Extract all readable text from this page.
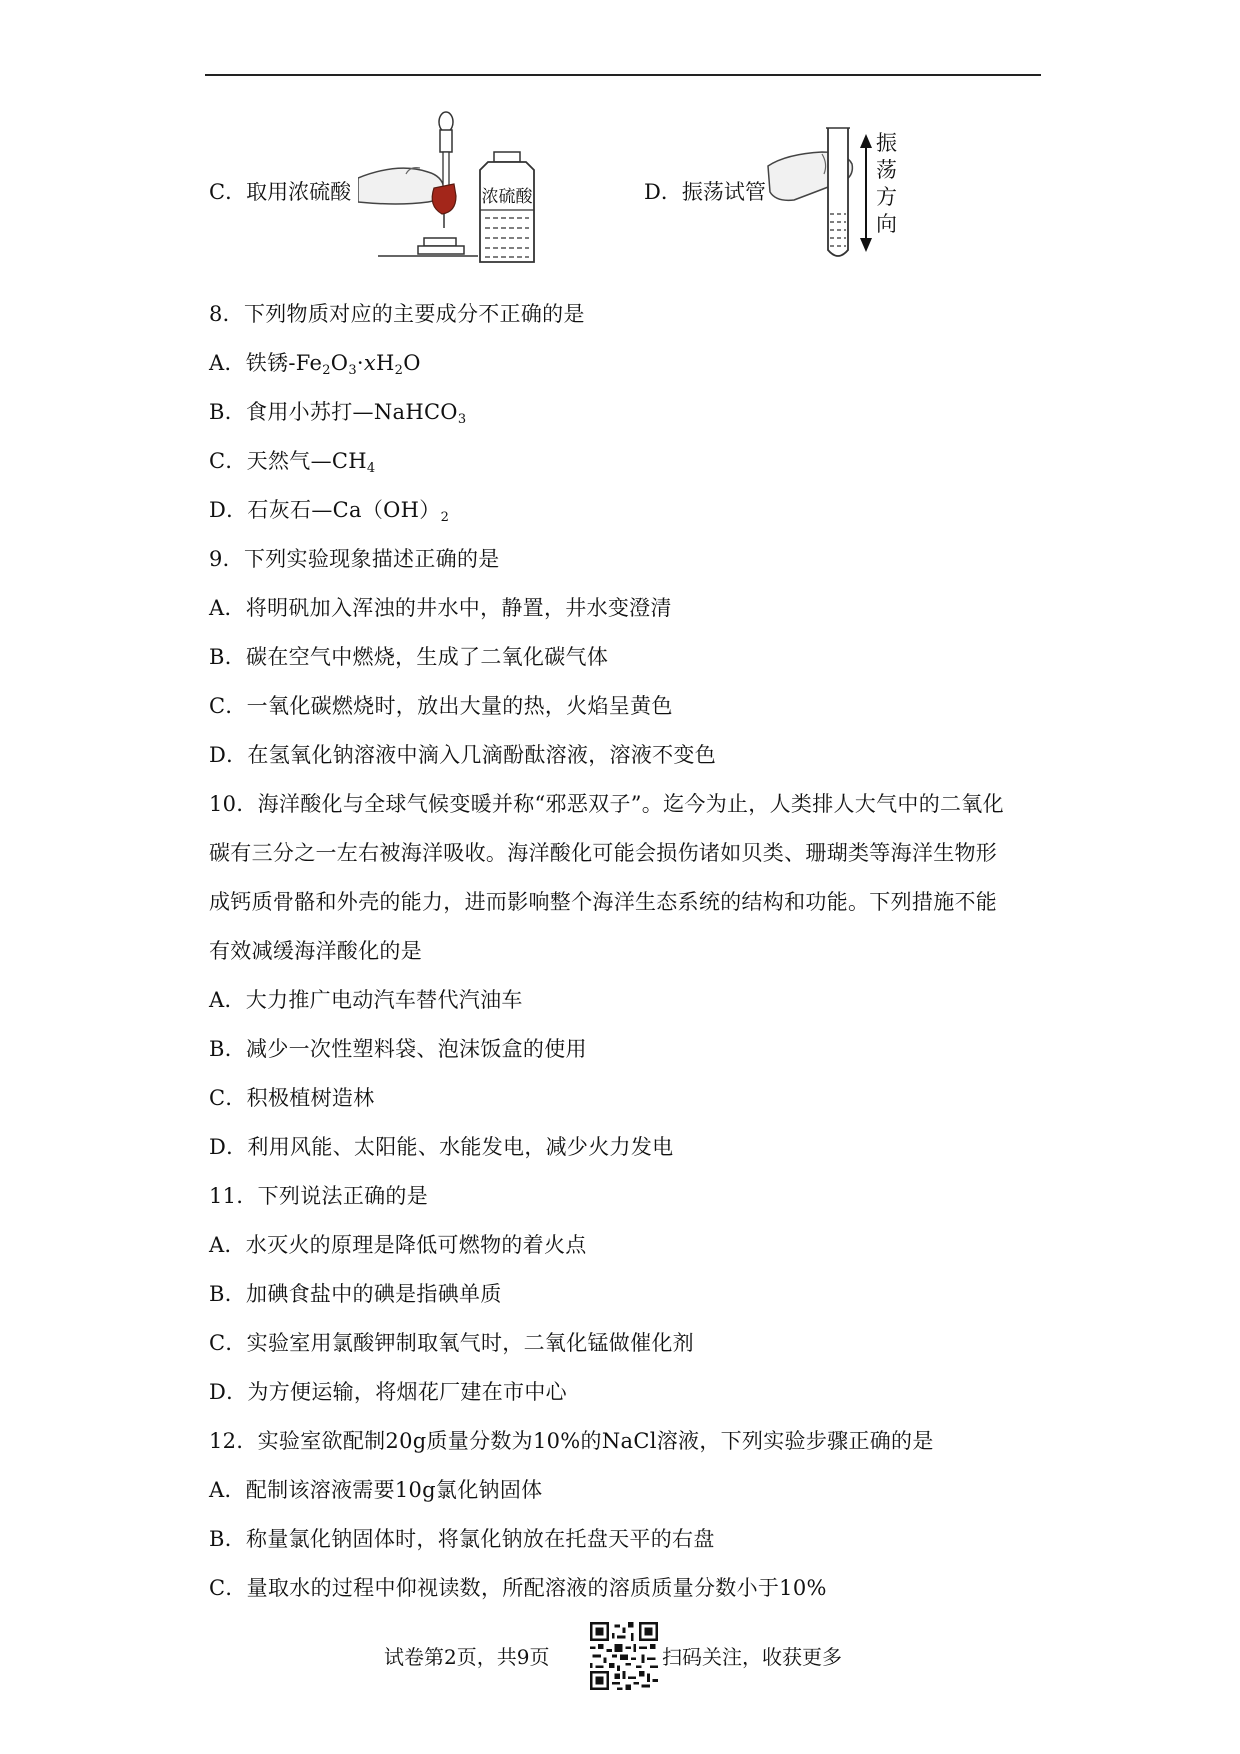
C．取用浓硫酸	浓硫酸	D．振荡试管
振
荡
方
向
8．下列物质对应的主要成分不正确的是
A．铁锈$-Fe_2O_3\cdot xH_2O$
B．食用小苏打—NaHCO$_3$
C．天然气$—CH_4$
D．石灰石$—Ca(OH)_2$
9．下列实验现象描述正确的是
A．将明矾加入浑浊的井水中，静置，井水变澄清
B．碳在空气中燃烧，生成了二氧化碳气体
C．一氧化碳燃烧时，放出大量的热，火焰呈黄色
D．在氢氧化钠溶液中滴入几滴酚酞溶液，溶液不变色
10．海洋酸化与全球气候变暖并称“邪恶双子”。迄今为止，人类排人大气中的二氧化
碳有三分之一左右被海洋吸收。海洋酸化可能会损伤诸如贝类、珊瑚类等海洋生物形
成钙质骨骼和外壳的能力，进而影响整个海洋生态系统的结构和功能。下列措施不能
有效减缓海洋酸化的是
A．大力推广电动汽车替代汽油车
B．减少一次性塑料袋、泡沫饭盒的使用
C．积极植树造林
D．利用风能、太阳能、水能发电，减少火力发电
11．下列说法正确的是
A．水灭火的原理是降低可燃物的着火点
B．加碘食盐中的碘是指碘单质
C．实验室用氯酸钾制取氧气时，二氧化锰做催化剂
D．为方便运输，将烟花厂建在市中心
12．实验室欲配制20g质量分数为10%的NaCl溶液，下列实验步骤正确的是
A．配制该溶液需要10g氯化钠固体
B．称量氯化钠固体时，将氯化钠放在托盘天平的右盘
C．量取水的过程中仰视读数，所配溶液的溶质质量分数小于10%
试卷第2页，共9页	扫码关注，收获更多
